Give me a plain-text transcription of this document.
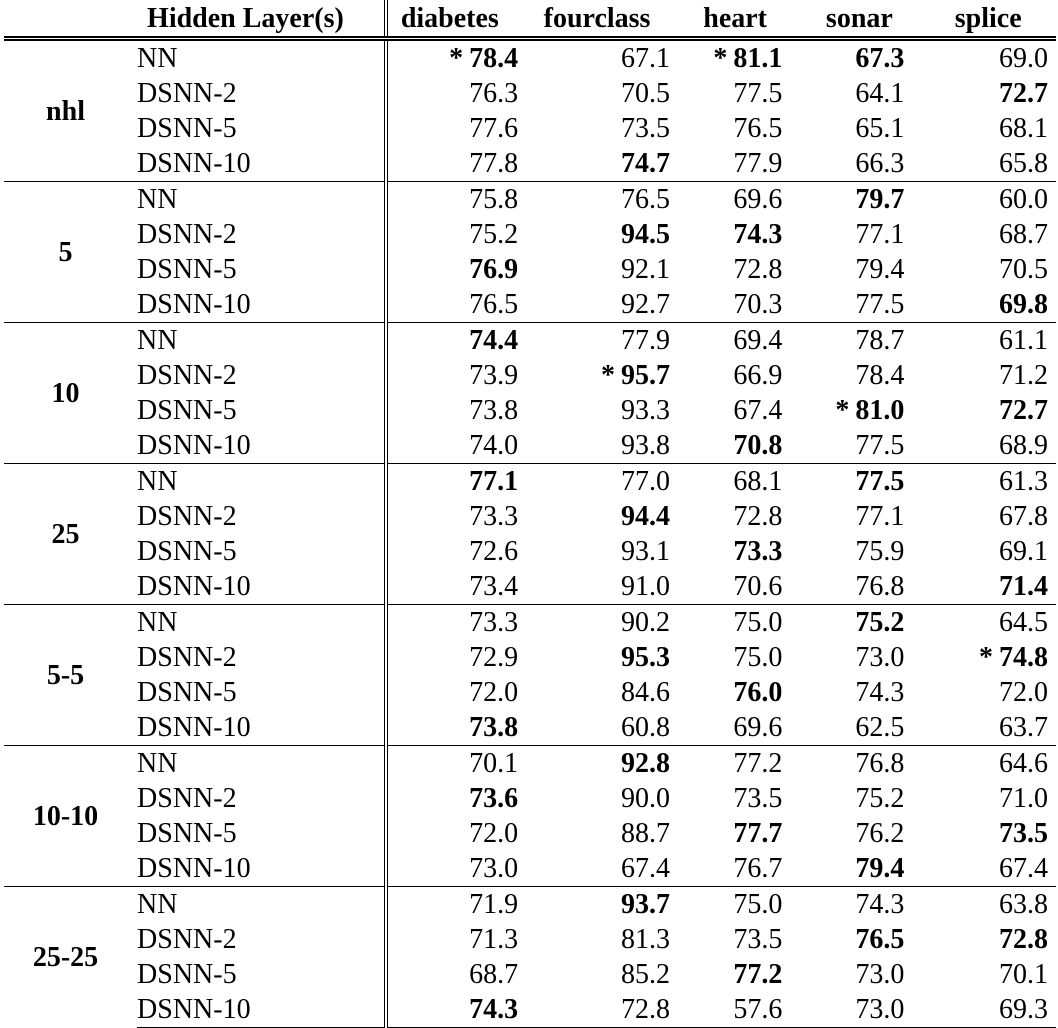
	Hidden Layer(s)	diabetes	fourclass	heart	sonar	splice
nhl	NN	* 78.4	67.1	* 81.1	67.3	69.0
	DSNN-2	76.3	70.5	77.5	64.1	72.7
	DSNN-5	77.6	73.5	76.5	65.1	68.1
	DSNN-10	77.8	74.7	77.9	66.3	65.8
5	NN	75.8	76.5	69.6	79.7	60.0
	DSNN-2	75.2	94.5	74.3	77.1	68.7
	DSNN-5	76.9	92.1	72.8	79.4	70.5
	DSNN-10	76.5	92.7	70.3	77.5	69.8
10	NN	74.4	77.9	69.4	78.7	61.1
	DSNN-2	73.9	* 95.7	66.9	78.4	71.2
	DSNN-5	73.8	93.3	67.4	* 81.0	72.7
	DSNN-10	74.0	93.8	70.8	77.5	68.9
25	NN	77.1	77.0	68.1	77.5	61.3
	DSNN-2	73.3	94.4	72.8	77.1	67.8
	DSNN-5	72.6	93.1	73.3	75.9	69.1
	DSNN-10	73.4	91.0	70.6	76.8	71.4
5-5	NN	73.3	90.2	75.0	75.2	64.5
	DSNN-2	72.9	95.3	75.0	73.0	* 74.8
	DSNN-5	72.0	84.6	76.0	74.3	72.0
	DSNN-10	73.8	60.8	69.6	62.5	63.7
10-10	NN	70.1	92.8	77.2	76.8	64.6
	DSNN-2	73.6	90.0	73.5	75.2	71.0
	DSNN-5	72.0	88.7	77.7	76.2	73.5
	DSNN-10	73.0	67.4	76.7	79.4	67.4
25-25	NN	71.9	93.7	75.0	74.3	63.8
	DSNN-2	71.3	81.3	73.5	76.5	72.8
	DSNN-5	68.7	85.2	77.2	73.0	70.1
	DSNN-10	74.3	72.8	57.6	73.0	69.3
